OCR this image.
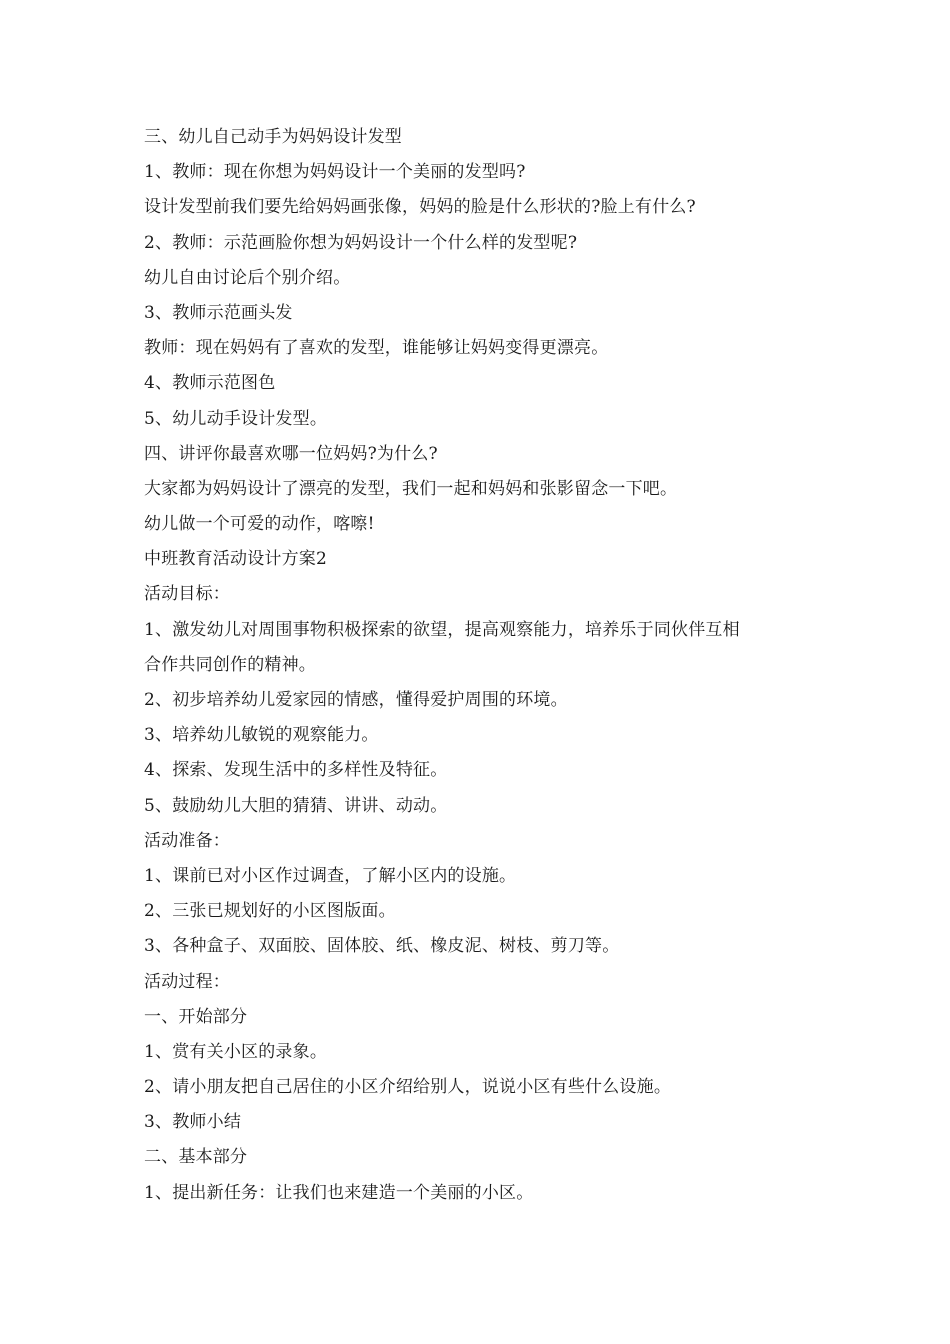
三、幼儿自己动手为妈妈设计发型
1、教师：现在你想为妈妈设计一个美丽的发型吗?
设计发型前我们要先给妈妈画张像，妈妈的脸是什么形状的?脸上有什么?
2、教师：示范画脸你想为妈妈设计一个什么样的发型呢?
幼儿自由讨论后个别介绍。
3、教师示范画头发
教师：现在妈妈有了喜欢的发型，谁能够让妈妈变得更漂亮。
4、教师示范图色
5、幼儿动手设计发型。
四、讲评你最喜欢哪一位妈妈?为什么?
大家都为妈妈设计了漂亮的发型，我们一起和妈妈和张影留念一下吧。
幼儿做一个可爱的动作，喀嚓!
中班教育活动设计方案2
活动目标：
1、激发幼儿对周围事物积极探索的欲望，提高观察能力，培养乐于同伙伴互相
合作共同创作的精神。
2、初步培养幼儿爱家园的情感，懂得爱护周围的环境。
3、培养幼儿敏锐的观察能力。
4、探索、发现生活中的多样性及特征。
5、鼓励幼儿大胆的猜猜、讲讲、动动。
活动准备：
1、课前已对小区作过调查，了解小区内的设施。
2、三张已规划好的小区图版面。
3、各种盒子、双面胶、固体胶、纸、橡皮泥、树枝、剪刀等。
活动过程：
一、开始部分
1、赏有关小区的录象。
2、请小朋友把自己居住的小区介绍给别人，说说小区有些什么设施。
3、教师小结
二、基本部分
1、提出新任务：让我们也来建造一个美丽的小区。
